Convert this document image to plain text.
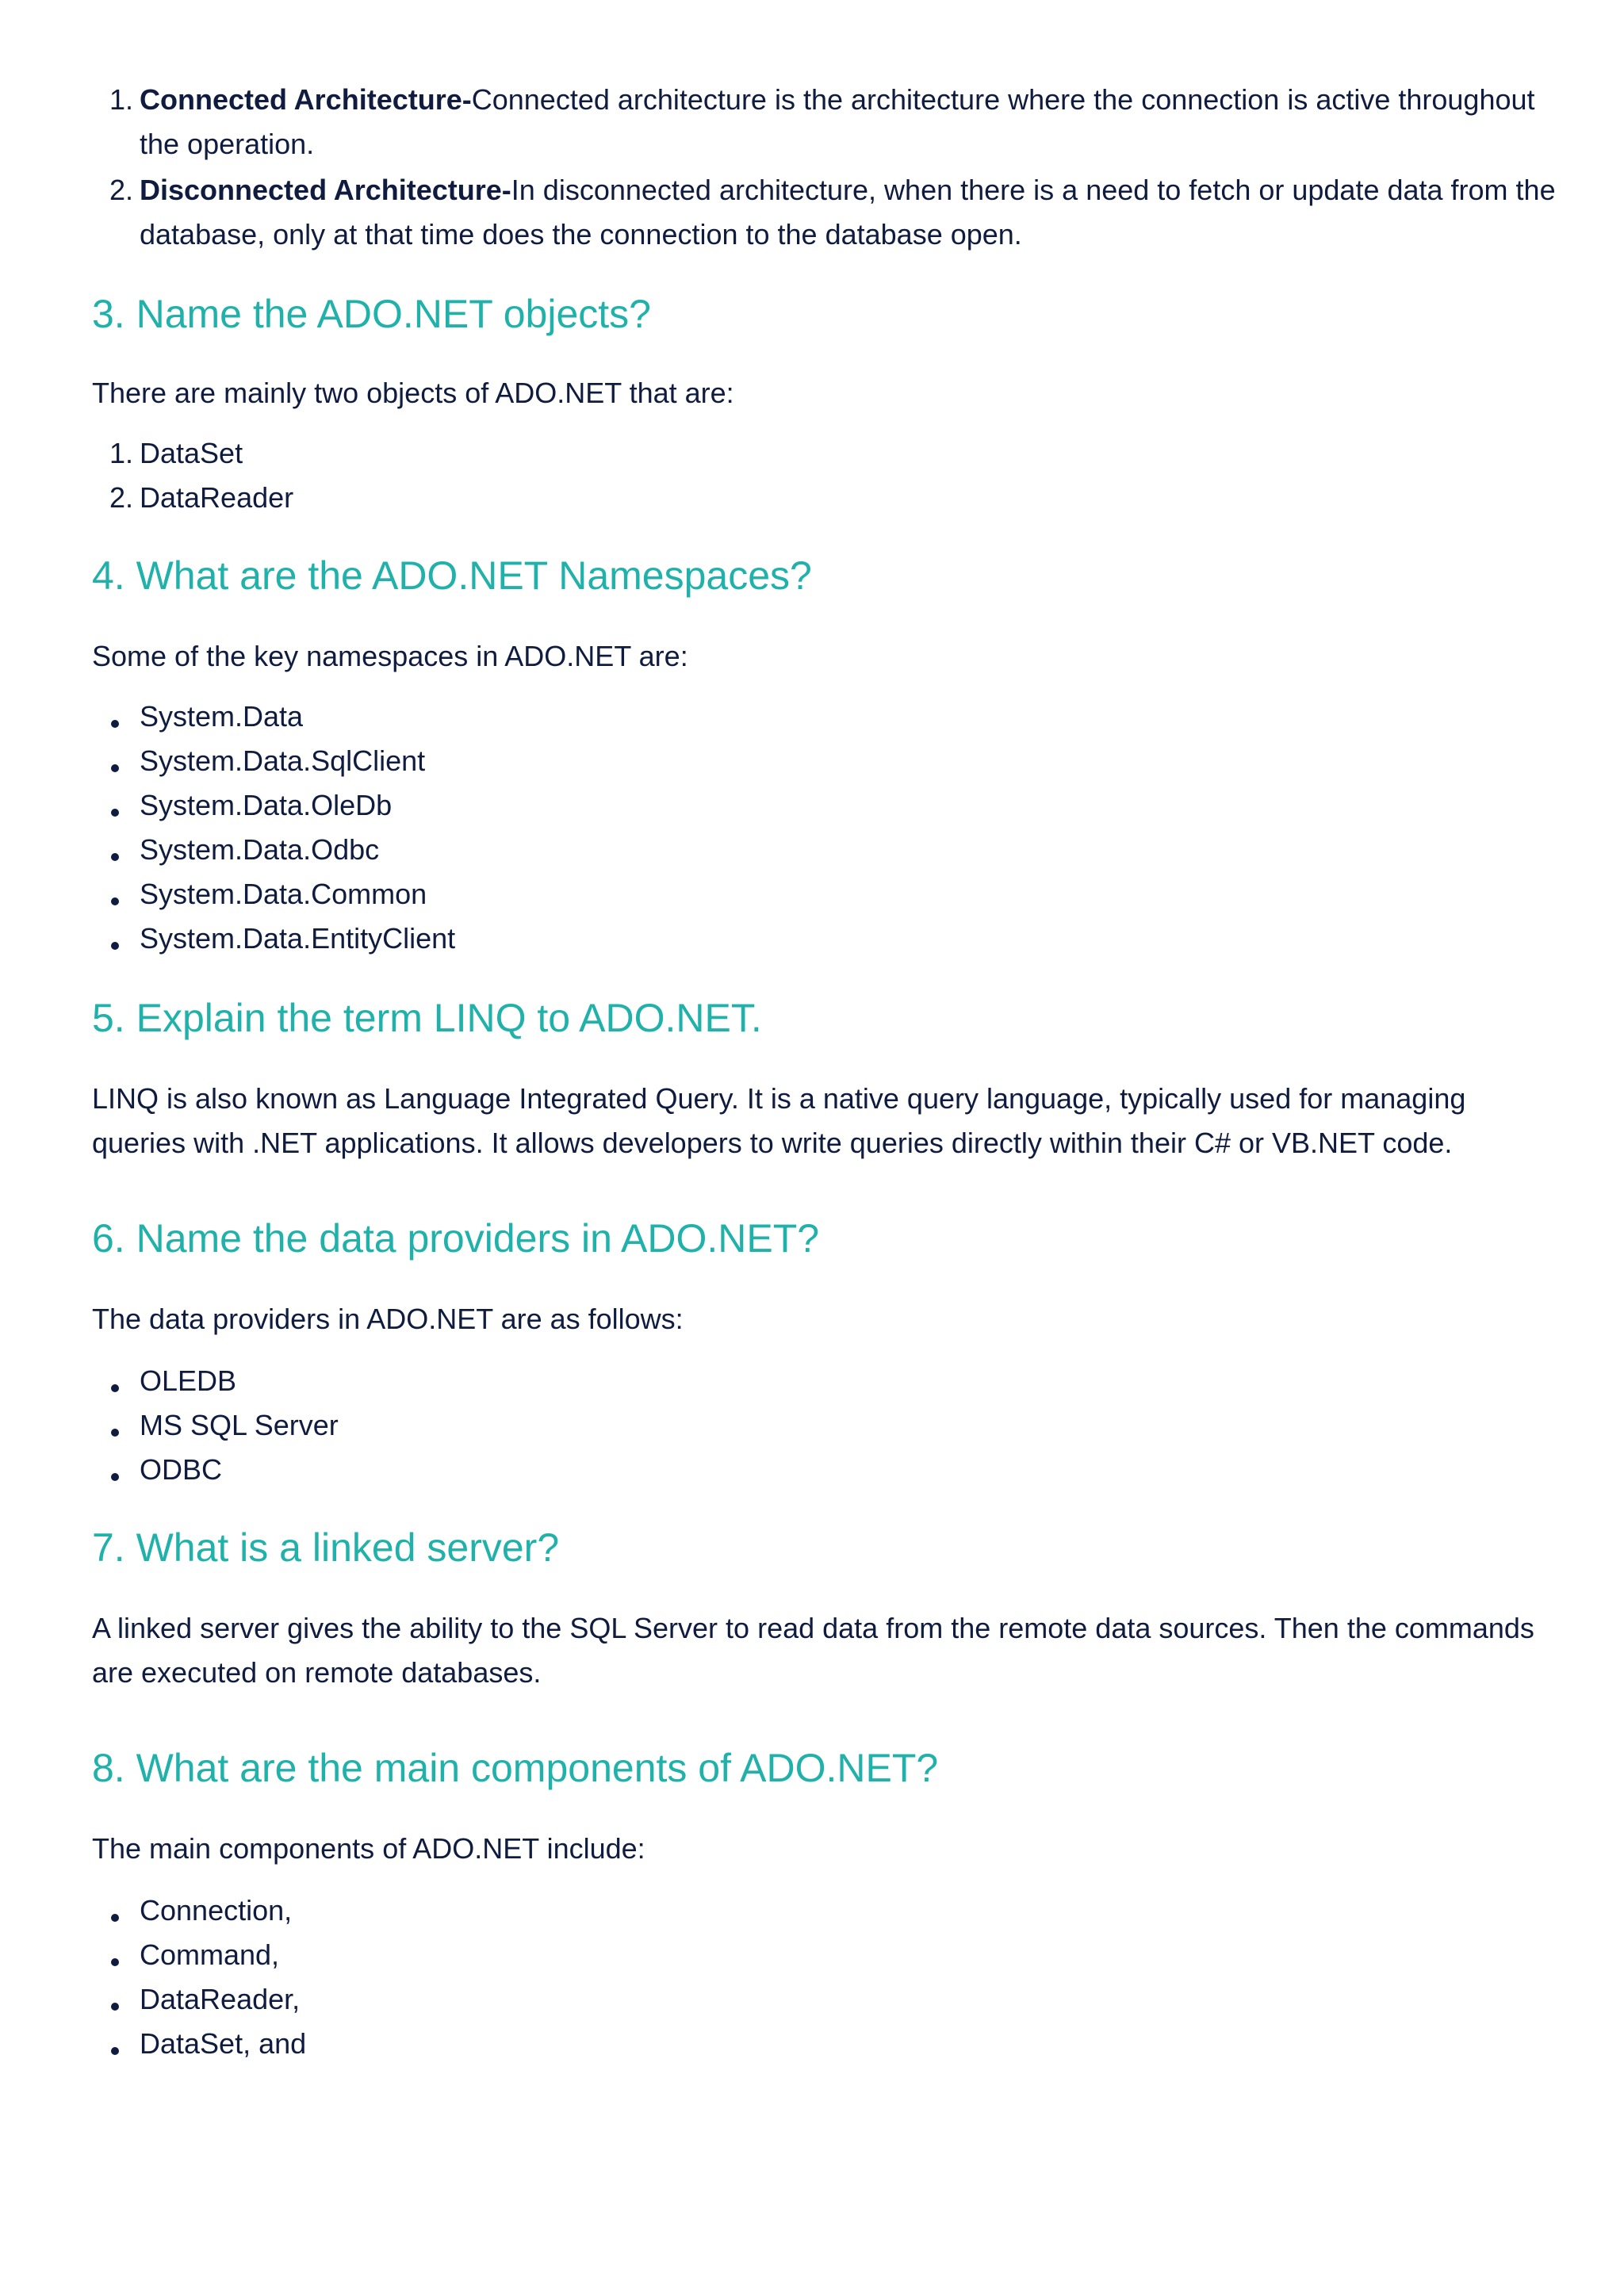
1. Connected Architecture-Connected architecture is the architecture where the connection is active throughout the operation.
2. Disconnected Architecture-In disconnected architecture, when there is a need to fetch or update data from the database, only at that time does the connection to the database open.
3. Name the ADO.NET objects?

There are mainly two objects of ADO.NET that are:

1. DataSet
2. DataReader
4. What are the ADO.NET Namespaces?

Some of the key namespaces in ADO.NET are:

System.Data
System.Data.SqlClient
System.Data.OleDb
System.Data.Odbc
System.Data.Common
System.Data.EntityClient
5. Explain the term LINQ to ADO.NET.

LINQ is also known as Language Integrated Query. It is a native query language, typically used for managing queries with .NET applications. It allows developers to write queries directly within their C# or VB.NET code.

6. Name the data providers in ADO.NET?

The data providers in ADO.NET are as follows:

OLEDB
MS SQL Server
ODBC
7. What is a linked server?

A linked server gives the ability to the SQL Server to read data from the remote data sources. Then the commands are executed on remote databases.

8. What are the main components of ADO.NET?

The main components of ADO.NET include:

Connection,
Command,
DataReader,
DataSet, and
